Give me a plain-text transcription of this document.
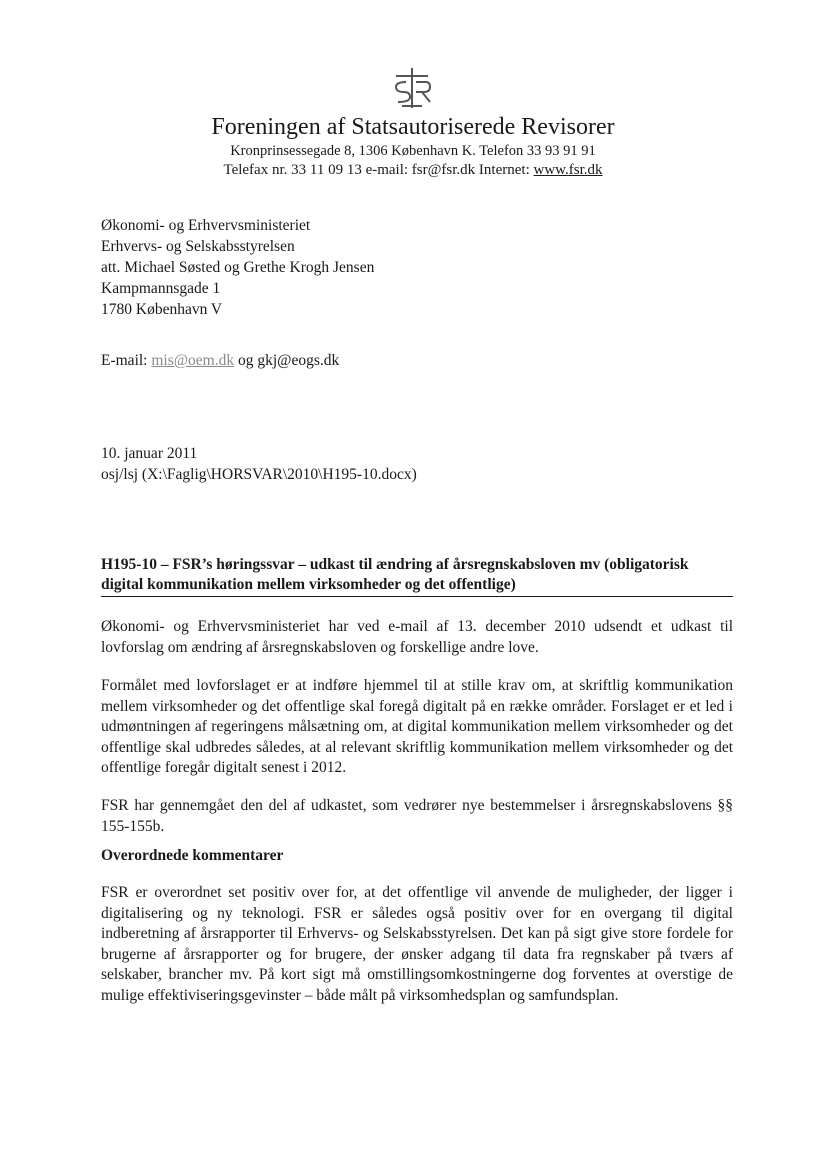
Foreningen af Statsautoriserede Revisorer
Kronprinsessegade 8, 1306 København K. Telefon 33 93 91 91
Telefax nr. 33 11 09 13 e-mail: fsr@fsr.dk Internet: www.fsr.dk
Økonomi- og Erhvervsministeriet
Erhvervs- og Selskabsstyrelsen
att. Michael Søsted og Grethe Krogh Jensen
Kampmannsgade 1
1780 København V
E-mail: mis@oem.dk og gkj@eogs.dk
10. januar 2011
osj/lsj (X:\Faglig\HORSVAR\2010\H195-10.docx)
H195-10 – FSR’s høringssvar – udkast til ændring af årsregnskabsloven mv (obligatorisk digital kommunikation mellem virksomheder og det offentlige)
Økonomi- og Erhvervsministeriet har ved e-mail af 13. december 2010 udsendt et udkast til lovforslag om ændring af årsregnskabsloven og forskellige andre love.
Formålet med lovforslaget er at indføre hjemmel til at stille krav om, at skriftlig kommunikation mellem virksomheder og det offentlige skal foregå digitalt på en række områder. Forslaget er et led i udmøntningen af regeringens målsætning om, at digital kommunikation mellem virksomheder og det offentlige skal udbredes således, at al relevant skriftlig kommunikation mellem virksomheder og det offentlige foregår digitalt senest i 2012.
FSR har gennemgået den del af udkastet, som vedrører nye bestemmelser i årsregnskabslovens §§ 155-155b.
Overordnede kommentarer
FSR er overordnet set positiv over for, at det offentlige vil anvende de muligheder, der ligger i digitalisering og ny teknologi. FSR er således også positiv over for en overgang til digital indberetning af årsrapporter til Erhvervs- og Selskabsstyrelsen. Det kan på sigt give store fordele for brugerne af årsrapporter og for brugere, der ønsker adgang til data fra regnskaber på tværs af selskaber, brancher mv. På kort sigt må omstillingsomkostningerne dog forventes at overstige de mulige effektiviseringsgevinster – både målt på virksomhedsplan og samfundsplan.
